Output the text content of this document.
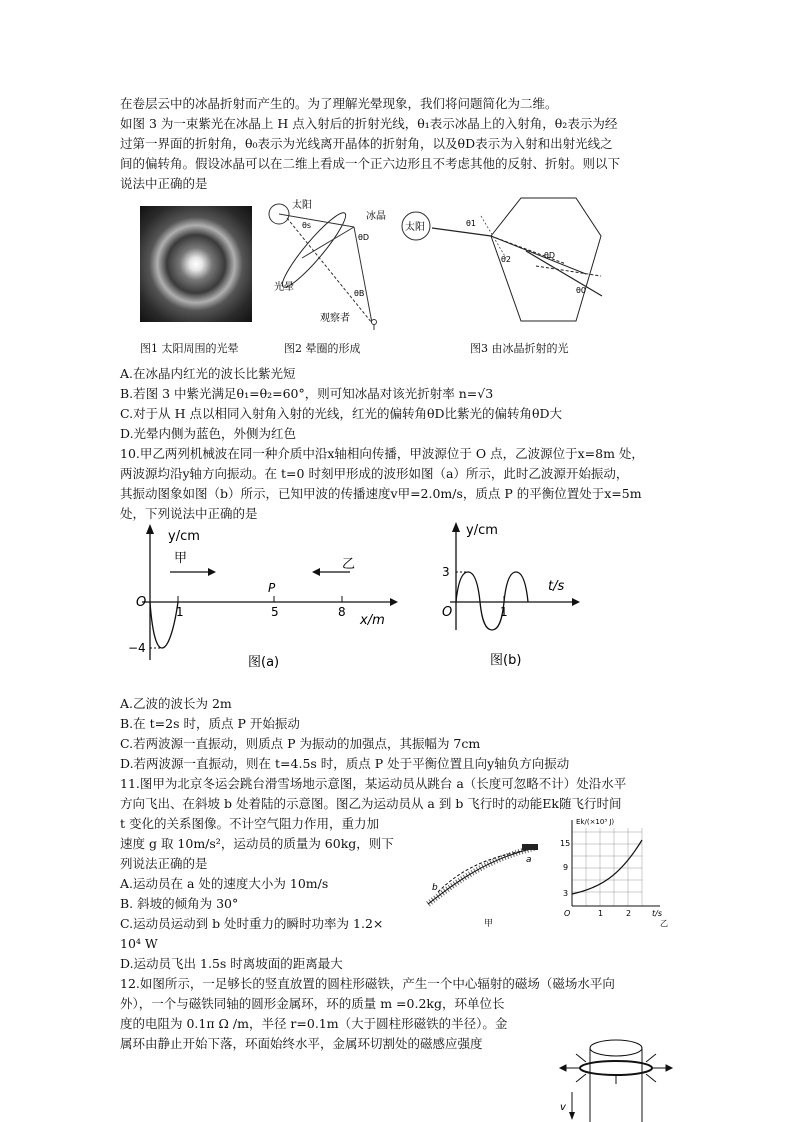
在卷层云中的冰晶折射而产生的。为了理解光晕现象，我们将问题简化为二维。
如图 3 为一束紫光在冰晶上 H 点入射后的折射光线，θ₁表示冰晶上的入射角，θ₂表示为经
过第一界面的折射角，θ₀表示为光线离开晶体的折射角，以及θD表示为入射和出射光线之
间的偏转角。假设冰晶可以在二维上看成一个正六边形且不考虑其他的反射、折射。则以下
说法中正确的是
图1 太阳周围的光晕
太阳
冰晶
θs
θD
θB
光晕
观察者
图2 晕圈的形成
太阳	θ1
θ2	θD
θ0
图3 由冰晶折射的光
A.在冰晶内红光的波长比紫光短
B.若图 3 中紫光满足θ₁=θ₂=60°，则可知冰晶对该光折射率 n=√3
C.对于从 H 点以相同入射角入射的光线，红光的偏转角θD比紫光的偏转角θD大
D.光晕内侧为蓝色，外侧为红色
10.甲乙两列机械波在同一种介质中沿x轴相向传播，甲波源位于 O 点，乙波源位于x=8m 处，
两波源均沿y轴方向振动。在 t=0 时刻甲形成的波形如图（a）所示，此时乙波源开始振动，
其振动图象如图（b）所示，已知甲波的传播速度v甲=2.0m/s，质点 P 的平衡位置处于x=5m
处，下列说法中正确的是
y/cm
x/m
甲	乙
O
P
1	5	8
−4
图(a)
y/cm
t/s
3
O	1
图(b)
A.乙波的波长为 2m
B.在 t=2s 时，质点 P 开始振动
C.若两波源一直振动，则质点 P 为振动的加强点，其振幅为 7cm
D.若两波源一直振动，则在 t=4.5s 时，质点 P 处于平衡位置且向y轴负方向振动
11.图甲为北京冬运会跳台滑雪场地示意图，某运动员从跳台 a（长度可忽略不计）处沿水平
方向飞出、在斜坡 b 处着陆的示意图。图乙为运动员从 a 到 b 飞行时的动能Ek随飞行时间
t 变化的关系图像。不计空气阻力作用，重力加
速度 g 取 10m/s²，运动员的质量为 60kg，则下
列说法正确的是
A.运动员在 a 处的速度大小为 10m/s
B. 斜坡的倾角为 30°
C.运动员运动到 b 处时重力的瞬时功率为 1.2×
10⁴ W
D.运动员飞出 1.5s 时离坡面的距离最大
a
b
甲
Ek/(×10³ J)
t/s
15
9
3
1	2
O
乙
12.如图所示，一足够长的竖直放置的圆柱形磁铁，产生一个中心辐射的磁场（磁场水平向
外），一个与磁铁同轴的圆形金属环，环的质量 m =0.2kg，环单位长
度的电阻为 0.1π Ω /m，半径 r=0.1m（大于圆柱形磁铁的半径）。金
属环由静止开始下落，环面始终水平，金属环切割处的磁感应强度
v
